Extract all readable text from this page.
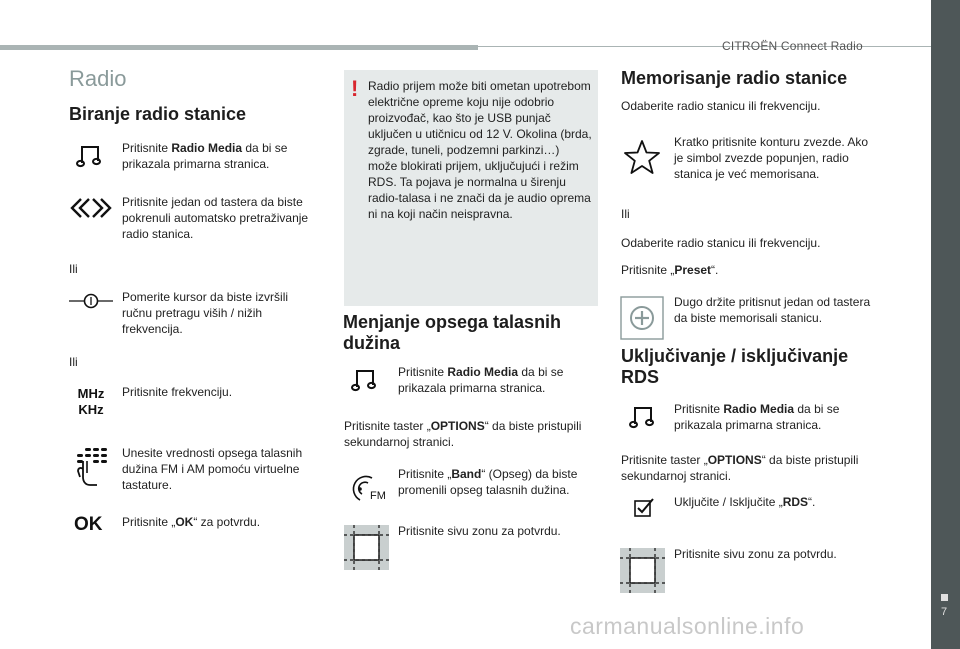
CITROËN Connect Radio
7
Radio
Biranje radio stanice
Pritisnite Radio Media da bi se prikazala primarna stranica.
Pritisnite jedan od tastera da biste pokrenuli automatsko pretraživanje radio stanica.
Ili
Pomerite kursor da biste izvršili ručnu pretragu viših / nižih frekvencija.
Ili
MHz
KHz
Pritisnite frekvenciju.
Unesite vrednosti opsega talasnih dužina FM i AM pomoću virtuelne tastature.
OK Pritisnite „OK“ za potvrdu.
! Radio prijem može biti ometan upotrebom električne opreme koju nije odobrio proizvođač, kao što je USB punjač uključen u utičnicu od 12 V. Okolina (brda, zgrade, tuneli, podzemni parkinzi…) može blokirati prijem, uključujući i režim RDS. Ta pojava je normalna u širenju radio-talasa i ne znači da je audio oprema ni na koji način neispravna.
Menjanje opsega talasnih
dužina
Pritisnite Radio Media da bi se prikazala primarna stranica.
Pritisnite taster „OPTIONS“ da biste pristupili sekundarnoj stranici.
FM
Pritisnite „Band“ (Opseg) da biste promenili opseg talasnih dužina.
Pritisnite sivu zonu za potvrdu.
Memorisanje radio stanice
Odaberite radio stanicu ili frekvenciju.
Kratko pritisnite konturu zvezde. Ako je simbol zvezde popunjen, radio stanica je već memorisana.
Ili
Odaberite radio stanicu ili frekvenciju.
Pritisnite „Preset“.
Dugo držite pritisnut jedan od tastera da biste memorisali stanicu.
Uključivanje / isključivanje
RDS
Pritisnite Radio Media da bi se prikazala primarna stranica.
Pritisnite taster „OPTIONS“ da biste pristupili sekundarnoj stranici.
Uključite / Isključite „RDS“.
Pritisnite sivu zonu za potvrdu.
carmanualsonline.info
